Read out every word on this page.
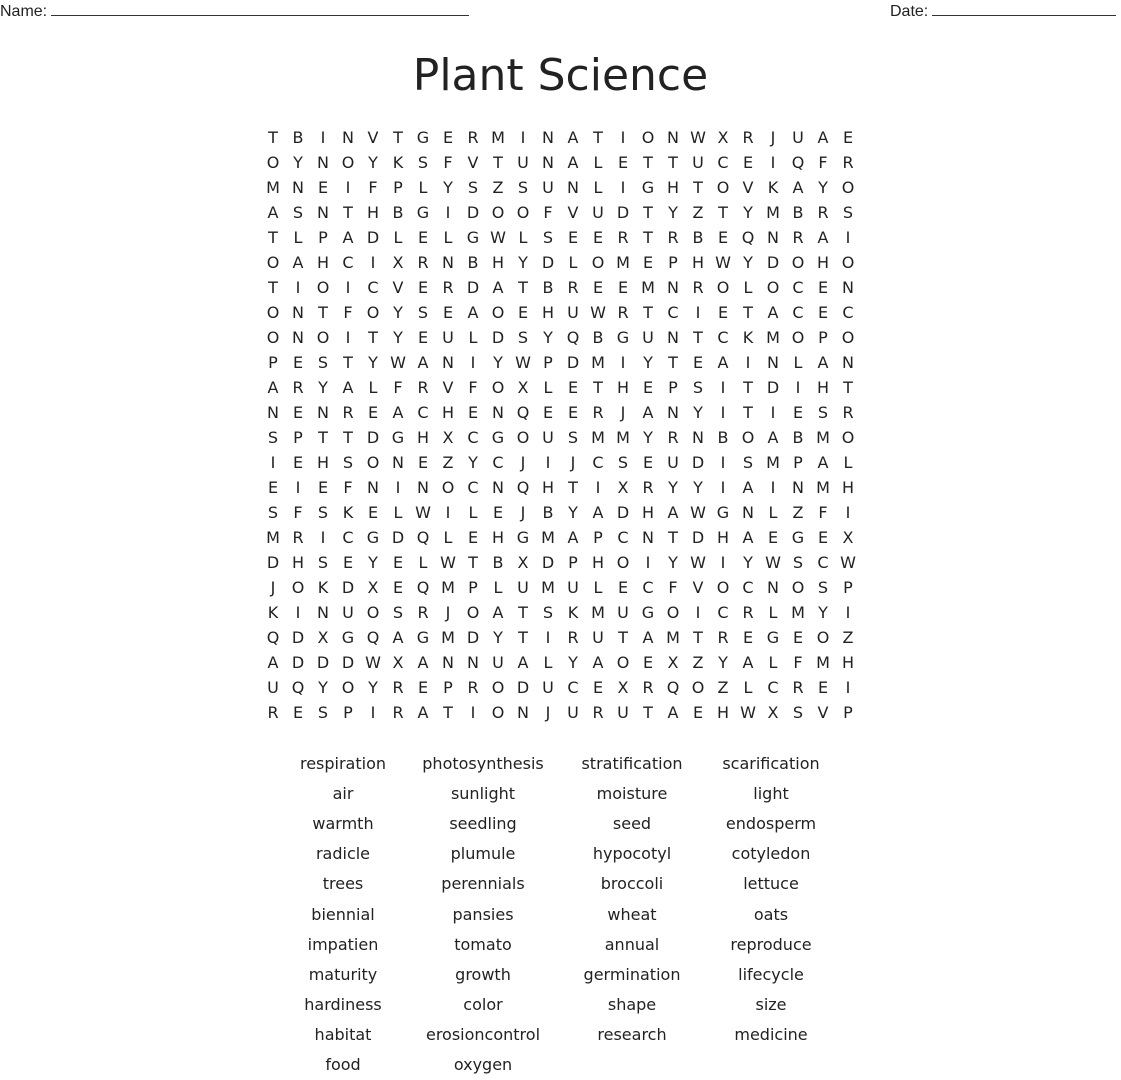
Name:	Date:
Plant Science
T B	I	N V T G E R M I	N A T	I	O N W X R	J	U A E
O Y N O Y K S F V T U N A L E T T U C E	I	Q F R
M N E	I	F P L Y S Z S U N L	I	G H T O V K A Y O
A S N T H B G	I	D O O F V U D T Y Z T Y M B R S
T L P A D L E L G W L S E E R T R B E Q N R A	I
O A H C	I	X R N B H Y D L O M E P H W Y D O H O
T	I	O	I	C V E R D A T B R E E M N R O L O C E N
O N T F O Y S E A O E H U W R T C	I	E T A C E C
O N O	I	T Y E U L D S Y Q B G U N T C K M O P O
P E S T Y W A N	I	Y W P D M I	Y T E A	I	N L A N
A R Y A L F R V F O X L E T H E P S	I	T D	I	H T
N E N R E A C H E N Q E E R	J	A N Y	I	T	I	E S R
S P T T D G H X C G O U S M M Y R N B O A B M O
I	E H S O N E Z Y C	J	I	J	C S E U D	I	S M P A L
E	I	E F N	I	N O C N Q H T	I	X R Y Y	I	A	I	N M H
S F S K E L W I	L E	J	B Y A D H A W G N L Z F	I
M R	I	C G D Q L E H G M A P C N T D H A E G E X
D H S E Y E L W T B X D P H O	I	Y W I	Y W S C W
J	O K D X E Q M P L U M U L E C F V O C N O S P
K	I	N U O S R	J	O A T S K M U G O	I	C R L M Y	I
Q D X G Q A G M D Y T	I	R U T A M T R E G E O Z
A D D D W X A N N U A L Y A O E X Z Y A L F M H
U Q Y O Y R E P R O D U C E X R Q O Z L C R E	I
R E S P	I	R A T	I	O N	J	U R U T A E H W X S V P
respiration	photosynthesis	stratification	scarification
air	sunlight	moisture	light
warmth	seedling	seed	endosperm
radicle	plumule	hypocotyl	cotyledon
trees	perennials	broccoli	lettuce
biennial	pansies	wheat	oats
impatien	tomato	annual	reproduce
maturity	growth	germination	lifecycle
hardiness	color	shape	size
habitat	erosioncontrol	research	medicine
food	oxygen
